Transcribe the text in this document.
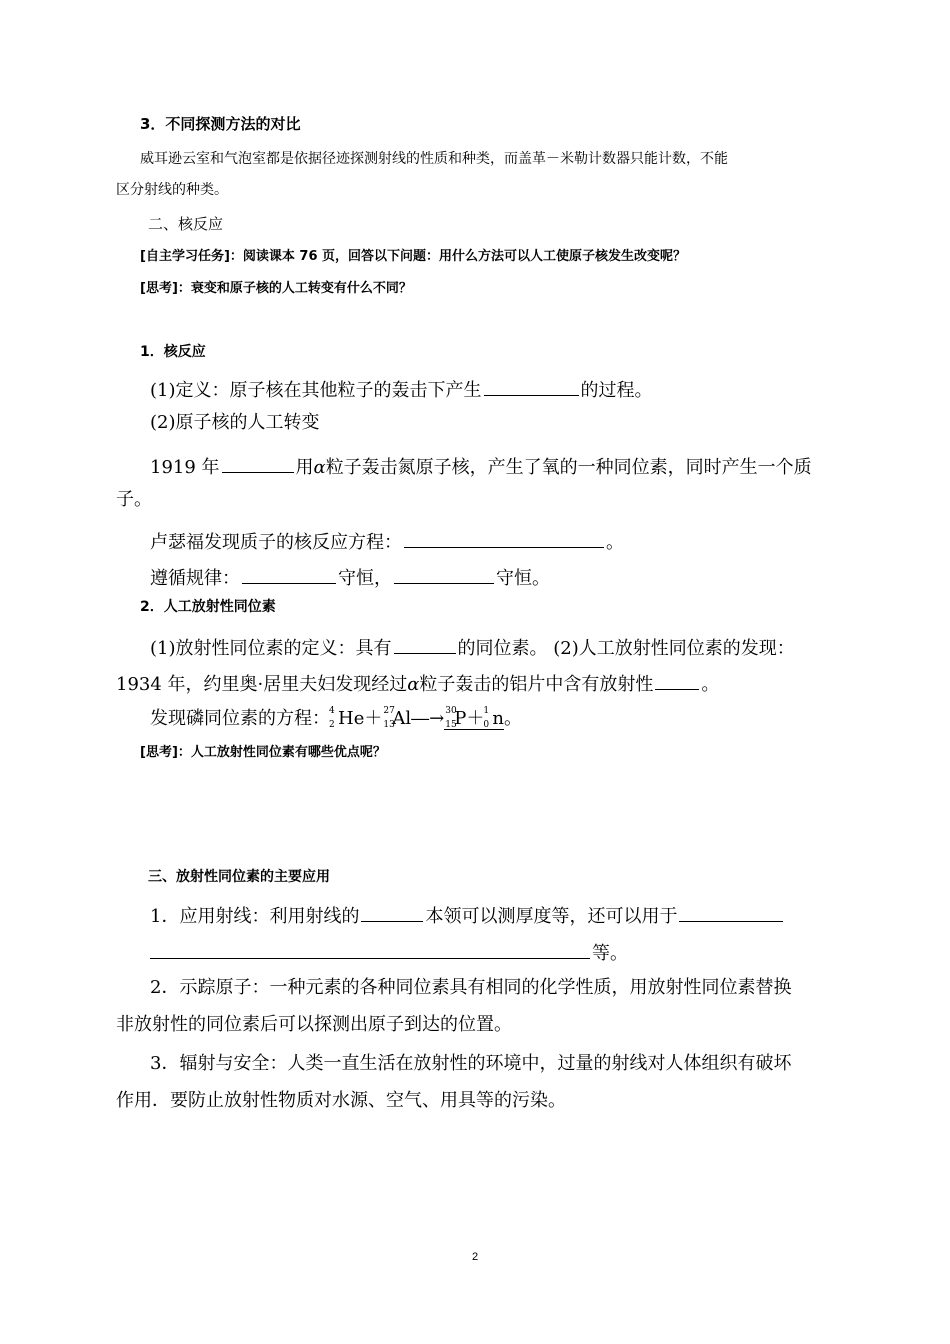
3．不同探测方法的对比
威耳逊云室和气泡室都是依据径迹探测射线的性质和种类，而盖革－米勒计数器只能计数，不能
区分射线的种类。
二、核反应
[自主学习任务]：阅读课本 76 页，回答以下问题：用什么方法可以人工使原子核发生改变呢？
[思考]：衰变和原子核的人工转变有什么不同？
1．核反应
(1)定义：原子核在其他粒子的轰击下产生	的过程。
(2)原子核的人工转变
1919 年	用α粒子轰击氮原子核，产生了氧的一种同位素，同时产生一个质
子。
卢瑟福发现质子的核反应方程：	。
遵循规律：	守恒，	守恒。
2．人工放射性同位素
(1)放射性同位素的定义：具有	的同位素。 (2)人工放射性同位素的发现：
1934 年，约里奥·居里夫妇发现经过α粒子轰击的铝片中含有放射性	。
发现磷同位素的方程： 4
2 He＋ 27
13
Al―→ 30
15
P＋ 1
0 n。
[思考]：人工放射性同位素有哪些优点呢？
三、放射性同位素的主要应用
1．应用射线：利用射线的	本领可以测厚度等，还可以用于
等。
2．示踪原子：一种元素的各种同位素具有相同的化学性质，用放射性同位素替换
非放射性的同位素后可以探测出原子到达的位置。
3．辐射与安全：人类一直生活在放射性的环境中，过量的射线对人体组织有破坏
作用．要防止放射性物质对水源、空气、用具等的污染。
2
